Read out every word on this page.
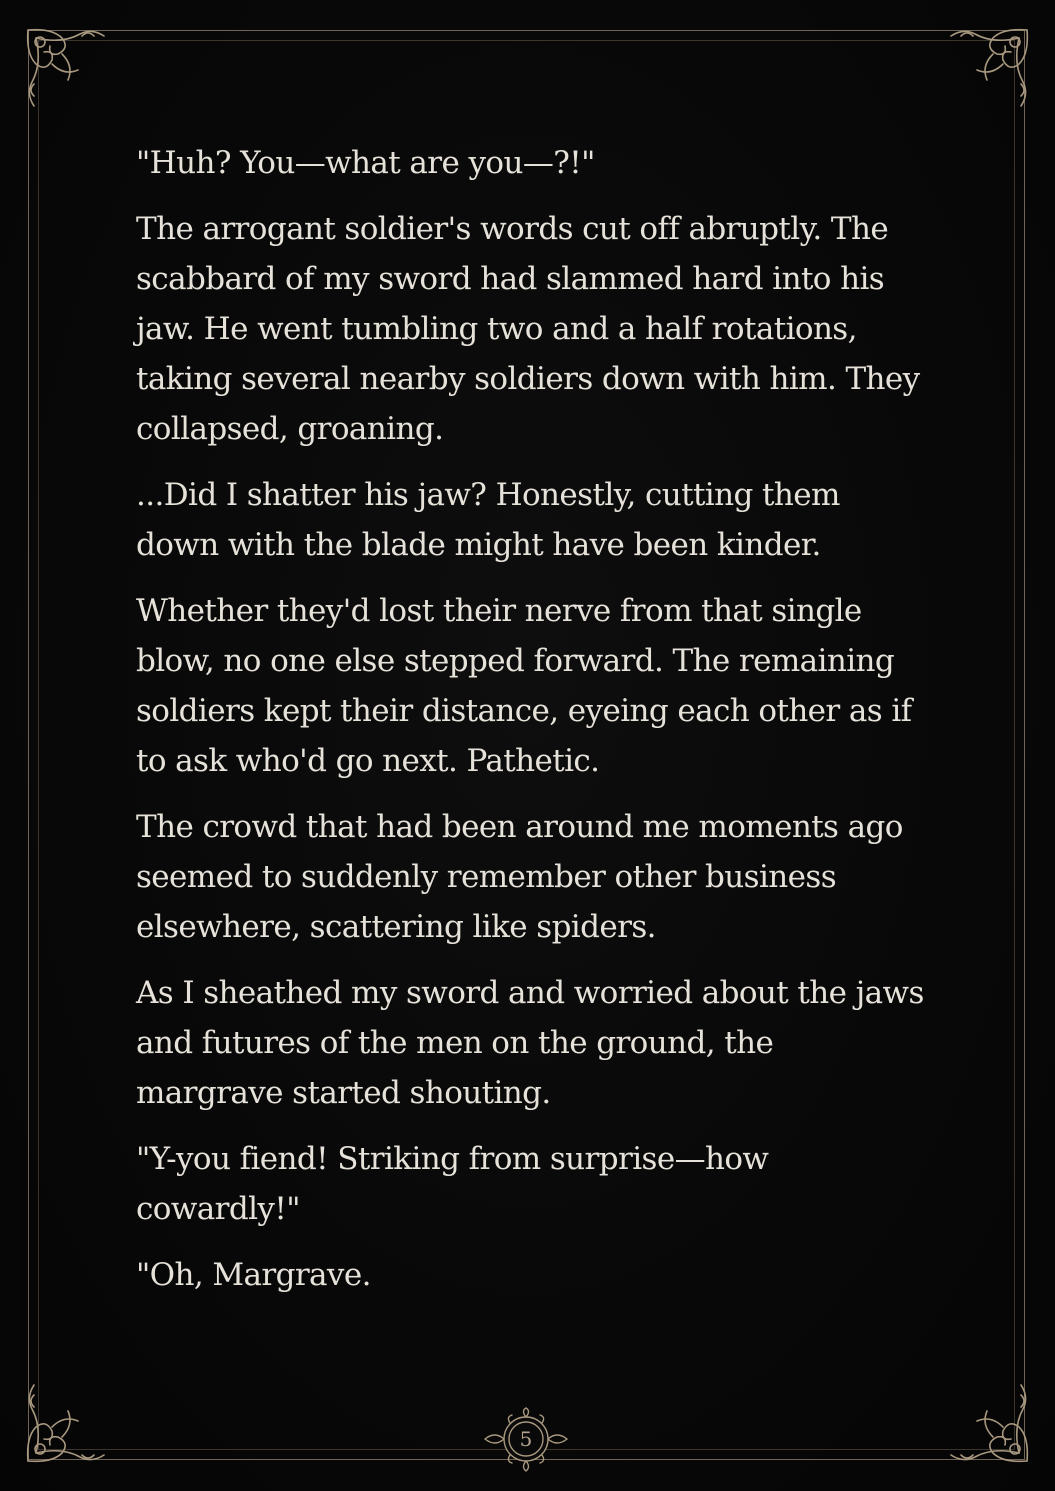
"Huh? You—what are you—?!"

The arrogant soldier's words cut off abruptly. The scabbard of my sword had slammed hard into his jaw. He went tumbling two and a half rotations, taking several nearby soldiers down with him. They collapsed, groaning.

...Did I shatter his jaw? Honestly, cutting them down with the blade might have been kinder.

Whether they'd lost their nerve from that single blow, no one else stepped forward. The remaining soldiers kept their distance, eyeing each other as if to ask who'd go next. Pathetic.

The crowd that had been around me moments ago seemed to suddenly remember other business elsewhere, scattering like spiders.

As I sheathed my sword and worried about the jaws and futures of the men on the ground, the margrave started shouting.

"Y-you fiend! Striking from surprise—how cowardly!"

"Oh, Margrave.

5
